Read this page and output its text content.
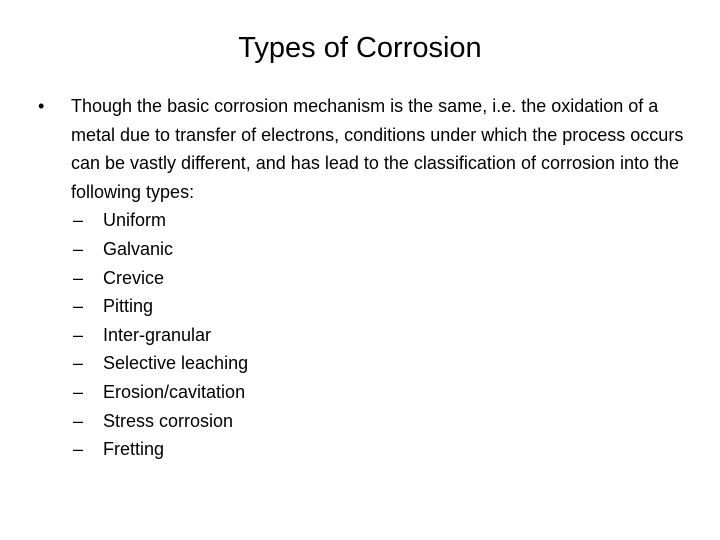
Types of Corrosion
• Though the basic corrosion mechanism is the same, i.e. the oxidation of a metal due to transfer of electrons, conditions under which the process occurs can be vastly different, and has lead to the classification of corrosion into the following types:
– Uniform
– Galvanic
– Crevice
– Pitting
– Inter-granular
– Selective leaching
– Erosion/cavitation
– Stress corrosion
– Fretting
